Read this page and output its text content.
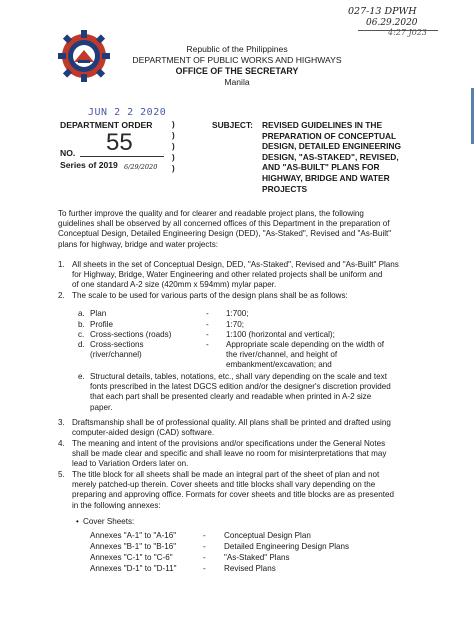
027-13 DPWH
06.29.2020
4:27 J023
Republic of the Philippines
DEPARTMENT OF PUBLIC WORKS AND HIGHWAYS
OFFICE OF THE SECRETARY
Manila
JUN 2 2 2020
DEPARTMENT ORDER
NO. 55
Series of 2019 6/29/2020
)
)
)
)
)
SUBJECT: REVISED GUIDELINES IN THE
PREPARATION OF CONCEPTUAL
DESIGN, DETAILED ENGINEERING
DESIGN, "AS-STAKED", REVISED,
AND "AS-BUILT" PLANS FOR
HIGHWAY, BRIDGE AND WATER
PROJECTS
To further improve the quality and for clearer and readable project plans, the following
guidelines shall be observed by all concerned offices of this Department in the preparation of
Conceptual Design, Detailed Engineering Design (DED), "As-Staked", Revised and "As-Built"
plans for highway, bridge and water projects:
1. All sheets in the set of Conceptual Design, DED, "As-Staked", Revised and "As-Built" Plans
for Highway, Bridge, Water Engineering and other related projects shall be uniform and
of one standard A-2 size (420mm x 594mm) mylar paper.
2. The scale to be used for various parts of the design plans shall be as follows:
a. Plan	- 1:700;
b. Profile	- 1:70;
c. Cross-sections (roads)	- 1:100 (horizontal and vertical);
d. Cross-sections
(river/channel)
- Appropriate scale depending on the width of
the river/channel, and height of
embankment/excavation; and
e. Structural details, tables, notations, etc., shall vary depending on the scale and text
fonts prescribed in the latest DGCS edition and/or the designer's discretion provided
that each part shall be presented clearly and readable when printed in A-2 size
paper.
3. Draftsmanship shall be of professional quality. All plans shall be printed and drafted using
computer-aided design (CAD) software.
4. The meaning and intent of the provisions and/or specifications under the General Notes
shall be made clear and specific and shall leave no room for misinterpretations that may
lead to Variation Orders later on.
5. The title block for all sheets shall be made an integral part of the sheet of plan and not
merely patched-up therein. Cover sheets and title blocks shall vary depending on the
preparing and approving office. Formats for cover sheets and title blocks are as presented
in the following annexes:
• Cover Sheets:
Annexes "A-1" to "A-16"	- Conceptual Design Plan
Annexes "B-1" to "B-16"	- Detailed Engineering Design Plans
Annexes "C-1" to "C-6"	- "As-Staked" Plans
Annexes "D-1" to "D-11"	- Revised Plans
